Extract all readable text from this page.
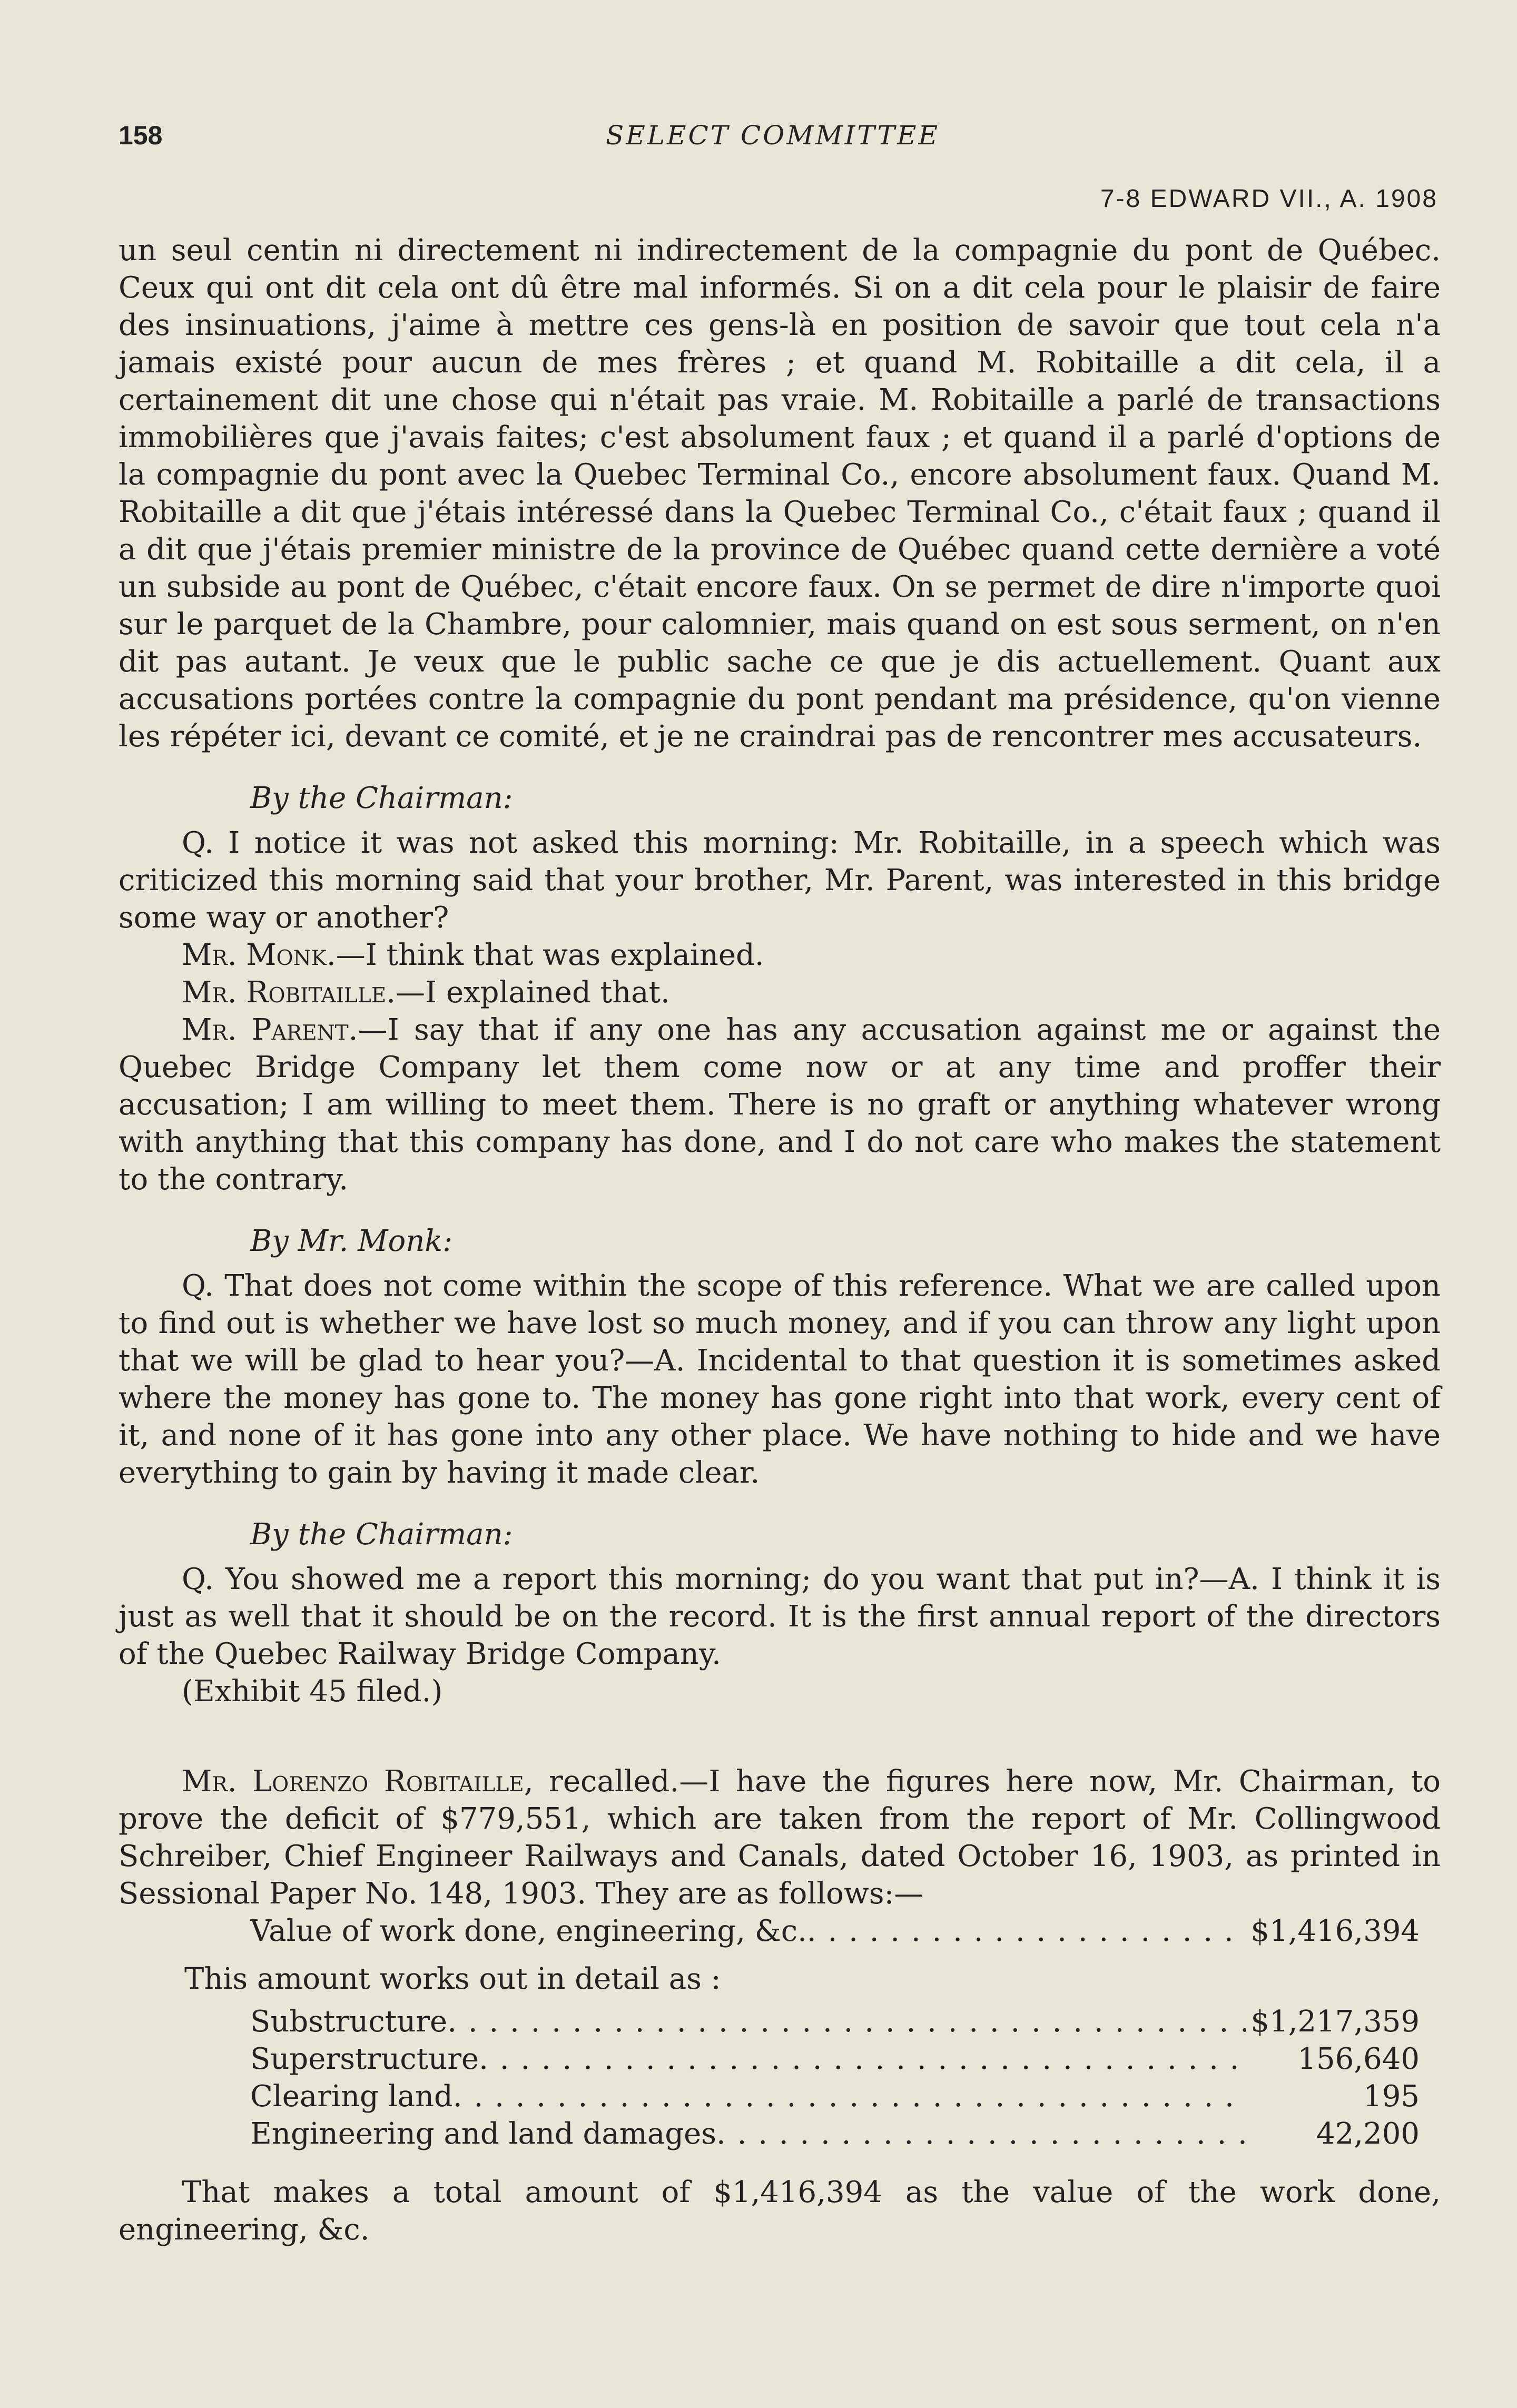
158	SELECT COMMITTEE
7-8 EDWARD VII., A. 1908

un seul centin ni directement ni indirectement de la compagnie du pont de Québec. Ceux qui ont dit cela ont dû être mal informés. Si on a dit cela pour le plaisir de faire des insinuations, j'aime à mettre ces gens-là en position de savoir que tout cela n'a jamais existé pour aucun de mes frères ; et quand M. Robitaille a dit cela, il a certainement dit une chose qui n'était pas vraie. M. Robitaille a parlé de transactions immobilières que j'avais faites; c'est absolument faux ; et quand il a parlé d'options de la compagnie du pont avec la Quebec Terminal Co., encore absolument faux. Quand M. Robitaille a dit que j'étais intéressé dans la Quebec Terminal Co., c'était faux ; quand il a dit que j'étais premier ministre de la province de Québec quand cette dernière a voté un subside au pont de Québec, c'était encore faux. On se permet de dire n'importe quoi sur le parquet de la Chambre, pour calomnier, mais quand on est sous serment, on n'en dit pas autant. Je veux que le public sache ce que je dis actuellement. Quant aux accusations portées contre la compagnie du pont pendant ma présidence, qu'on vienne les répéter ici, devant ce comité, et je ne craindrai pas de rencontrer mes accusateurs.

By the Chairman:

Q. I notice it was not asked this morning: Mr. Robitaille, in a speech which was criticized this morning said that your brother, Mr. Parent, was interested in this bridge some way or another?

Mr. Monk.—I think that was explained.

Mr. Robitaille.—I explained that.

Mr. Parent.—I say that if any one has any accusation against me or against the Quebec Bridge Company let them come now or at any time and proffer their accusation; I am willing to meet them. There is no graft or anything whatever wrong with anything that this company has done, and I do not care who makes the statement to the contrary.

By Mr. Monk:

Q. That does not come within the scope of this reference. What we are called upon to find out is whether we have lost so much money, and if you can throw any light upon that we will be glad to hear you?—A. Incidental to that question it is sometimes asked where the money has gone to. The money has gone right into that work, every cent of it, and none of it has gone into any other place. We have nothing to hide and we have everything to gain by having it made clear.

By the Chairman:

Q. You showed me a report this morning; do you want that put in?—A. I think it is just as well that it should be on the record. It is the first annual report of the directors of the Quebec Railway Bridge Company.

(Exhibit 45 filed.)

Mr. Lorenzo Robitaille, recalled.—I have the figures here now, Mr. Chairman, to prove the deficit of $779,551, which are taken from the report of Mr. Collingwood Schreiber, Chief Engineer Railways and Canals, dated October 16, 1903, as printed in Sessional Paper No. 148, 1903. They are as follows:—

Value of work done, engineering, &c. . . .	$1,416,394

This amount works out in detail as :

Substructure . . .	$1,217,359
Superstructure . . .	156,640
Clearing land . . .	195
Engineering and land damages . . .	42,200

That makes a total amount of $1,416,394 as the value of the work done, engineering, &c.
